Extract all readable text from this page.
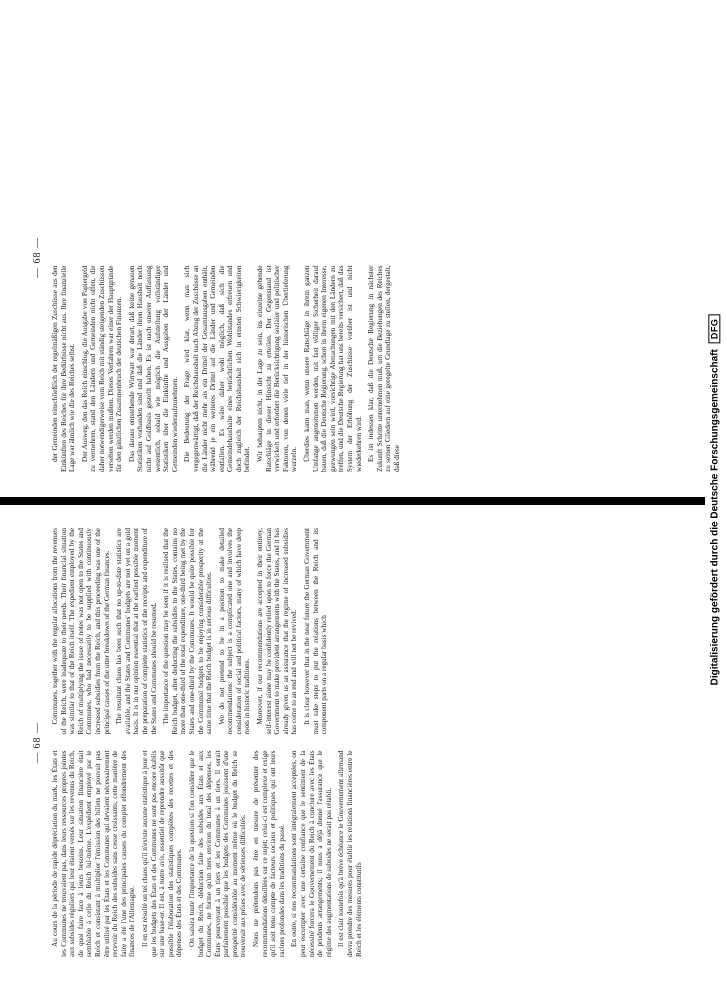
— 68 —

Au cours de la période de rapide dépréciation du mark, les États et les Communes ne trouvaient pas, dans leurs ressources propres jointes aux subsides réguliers qui leur étaient versés sur les revenus du Reich, de quoi faire face à leurs besoins. Leur situation financière était semblable à celle du Reich lui-même. L'expédient employé par le Reich et consistant à multiplier l'émission des billets ne pouvait pas être utilisé par les États et les Communes qui devaient nécessairement recevoir du Reich des subsides sans cesse croissants; cette manière de faire a été l'une des principales causes du complet effondrement des finances de l'Allemagne. Il en est résulté un tel chaos qu'il n'existe aucune statistique à jour et que les budgets des États et des Communes ne sont pas encore établis sur une base-or. Il est, à notre avis, essentiel de reprendre aussitôt que possible l'élaboration des statistiques complètes des recettes et des dépenses des États et des Communes. On saisira toute l'importance de la question si l'on considère que le budget du Reich, déduction faite des subsides aux États et aux Communes, ne forme qu'un tiers environ du total des dépenses, les États pourvoyant à un tiers et les Communes à un tiers. Il serait parfaitement possible que les budgets des Communes jouissent d'une prospérité considérable au moment même où le budget du Reich se trouverait aux prises avec de sérieuses difficultés. Nous ne prétendons pas être en mesure de présenter des recommandations détaillées sur ce sujet; celui-ci est complexe et exige qu'il soit tenu compte de facteurs sociaux et politiques qui ont leurs racines profondes dans les traditions du passé. En outre, si nos recommandations sont intégralement acceptées, on peut escompter avec une certaine confiance que le sentiment de la nécessité forcera le Gouvernement du Reich à conclure avec les États de prudents arrangements; il nous a déjà donné l'assurance que le régime des augmentations de subsides ne serait pas rétabli. Il est clair toutefois qu'à brève échéance le Gouvernement allemand devra prendre des mesures pour établir les relations financières entre le Reich et les éléments constitutifs

Communes, together with the regular allocations from the revenues of the Reich, were inadequate to their needs. Their financial situation was similar to that of the Reich itself. The expedient employed by the Reich of multiplying the issue of notes was not open to the States and Communes, who had necessarily to be supplied with continuously increased subsidies from the Reich, and this proceeding was one of the principal causes of the utter breakdown of the German finances. The resultant chaos has been such that no up-to-date statistics are available, and the States and Communes' budgets are not yet on a gold basis. It is in our opinion essential that at the earliest possible moment the preparation of complete statistics of the receipts and expenditure of the States and Communes should be resumed. The importance of the question may be seen if it is realised that the Reich budget, after deducting the subsidies to the States, contains no more than one-third of the total expenditure, one-third being met by the States and one-third by the Communes. It would be quite possible for the Communal budgets to be enjoying considerable prosperity at the same time that the Reich budget is in serious difficulties. We do not pretend to be in a position to make detailed recommendations: the subject is a complicated one and involves the consideration of social and political factors, many of which have deep roots in historic traditions. Moreover, if our recommendations are accepted in their entirety, self-interest alone may be confidently relied upon to force the German Government to make provident arrangements with the States, and it has already given us an assurance that the regime of increased subsidies has come to an end and will not be revived. It is clear however that in the near future the German Government must take steps to put the relations between the Reich and its component parts on a regular basis which

— 68 —

der Gemeinden einschließlich der regelmäßigen Zuschüsse aus den Einkünften des Reiches für ihre Bedürfnisse nicht aus. Ihre finanzielle Lage war ähnlich wie die des Reiches selbst. Der Ausweg, den das Reich einschlug, die Ausgabe von Papiergeld zu vermehren, stand den Ländern und Gemeinden nicht offen, die daher notwendigerweise vom Reich mit ständig steigenden Zuschüssen versehen werden mußten. Dieses Verfahren war einer der Hauptgründe für den gänzlichen Zusammenbruch der deutschen Finanzen. Das daraus entstehende Wirrwarr war derart, daß keine genauen Statistiken vorhanden sind und daß die Länder ihren Haushalt noch nicht auf Goldbasis gestellt haben. Es ist nach unserer Auffassung wesentlich, sobald wie möglich die Aufstellung vollständiger Statistiken über die Einkünfte und Ausgaben der Länder und Gemeinden wiederaufzunehmen. Die Bedeutung der Frage wird klar, wenn man sich vergegenwärtigt, daß der Reichshaushalt nach Abzug der Zuschüsse an die Länder nicht mehr als ein Drittel der Gesamtausgaben enthält, während je ein weiteres Drittel auf die Länder und Gemeinden entfallen. Es wäre daher wohl möglich, daß sich die Gemeindehaushalte eines beträchtlichen Wohlstandes erfreuen und doch zugleich der Reichshaushalt sich in ernsten Schwierigkeiten befindet. Wir behaupten nicht, in der Lage zu sein, ins einzelne gehende Ratschläge in dieser Hinsicht zu erteilen. Der Gegenstand ist verwickelt und erfordert die Berücksichtigung sozialer und politischer Faktoren, von denen viele tief in der historischen Überlieferung wurzeln. Überdies kann man, wenn unsere Ratschläge in ihrem ganzen Umfange angenommen werden, mit fast völliger Sicherheit darauf bauen, daß die Deutsche Regierung, schon in ihrem eigenen Interesse, gezwungen sein wird, vorsichtige Abmachungen mit den Ländern zu treffen, und die Deutsche Regierung hat uns bereits versichert, daß das System der Erhöhung der Zuschüsse vorüber ist und nicht wiederkehren wird. Es ist indessen klar, daß die Deutsche Regierung in nächster Zukunft Schritte unternehmen muß, um die Beziehungen des Reiches zu seinen Gliedern auf eine geregelte Grundlage zu stellen, dergestalt, daß diese	Digitalisierung gefördert durch die Deutsche Forschungsgemeinschaft
DFG
